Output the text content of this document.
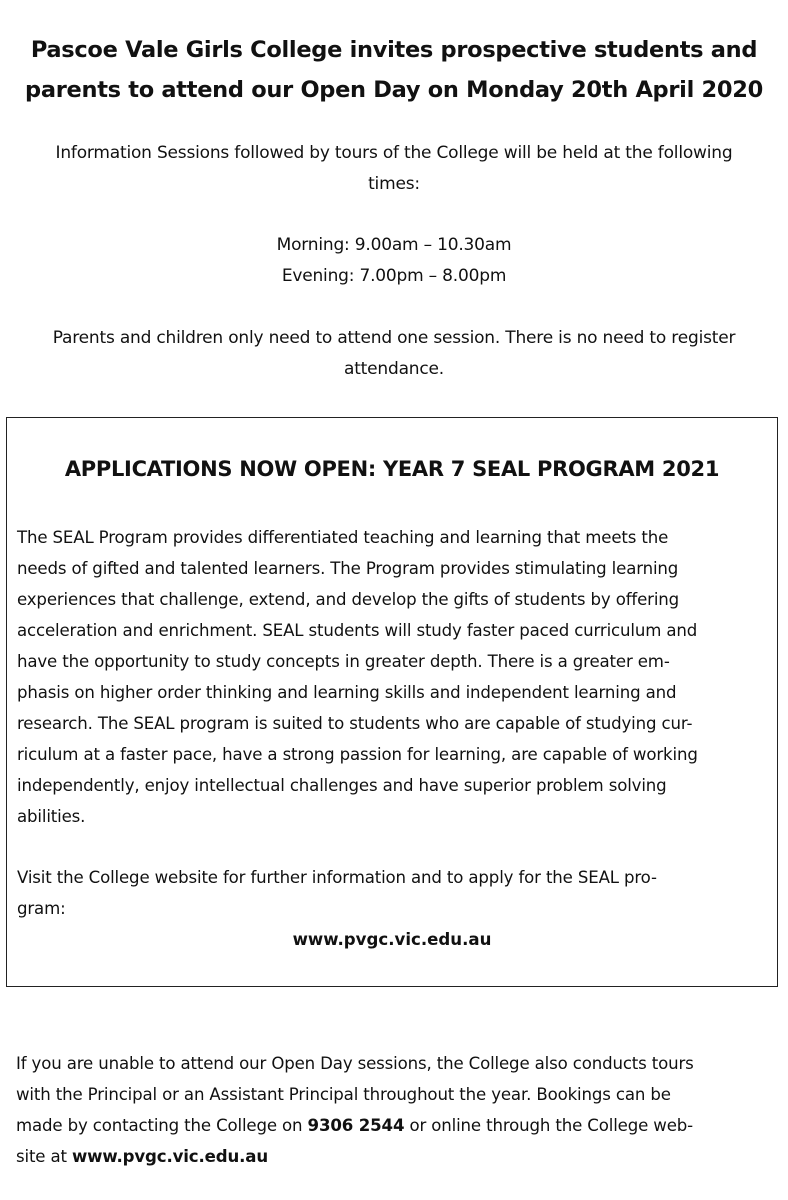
Pascoe Vale Girls College invites prospective students and
parents to attend our Open Day on Monday 20th April 2020
Information Sessions followed by tours of the College will be held at the following
times:
Morning: 9.00am – 10.30am
Evening: 7.00pm – 8.00pm
Parents and children only need to attend one session. There is no need to register
attendance.
APPLICATIONS NOW OPEN: YEAR 7 SEAL PROGRAM 2021
The SEAL Program provides differentiated teaching and learning that meets the
needs of gifted and talented learners. The Program provides stimulating learning
experiences that challenge, extend, and develop the gifts of students by offering
acceleration and enrichment. SEAL students will study faster paced curriculum and
have the opportunity to study concepts in greater depth. There is a greater em-
phasis on higher order thinking and learning skills and independent learning and
research. The SEAL program is suited to students who are capable of studying cur-
riculum at a faster pace, have a strong passion for learning, are capable of working
independently, enjoy intellectual challenges and have superior problem solving
abilities.
Visit the College website for further information and to apply for the SEAL pro-
gram:
www.pvgc.vic.edu.au
If you are unable to attend our Open Day sessions, the College also conducts tours
with the Principal or an Assistant Principal throughout the year. Bookings can be
made by contacting the College on 9306 2544 or online through the College web-
site at www.pvgc.vic.edu.au
